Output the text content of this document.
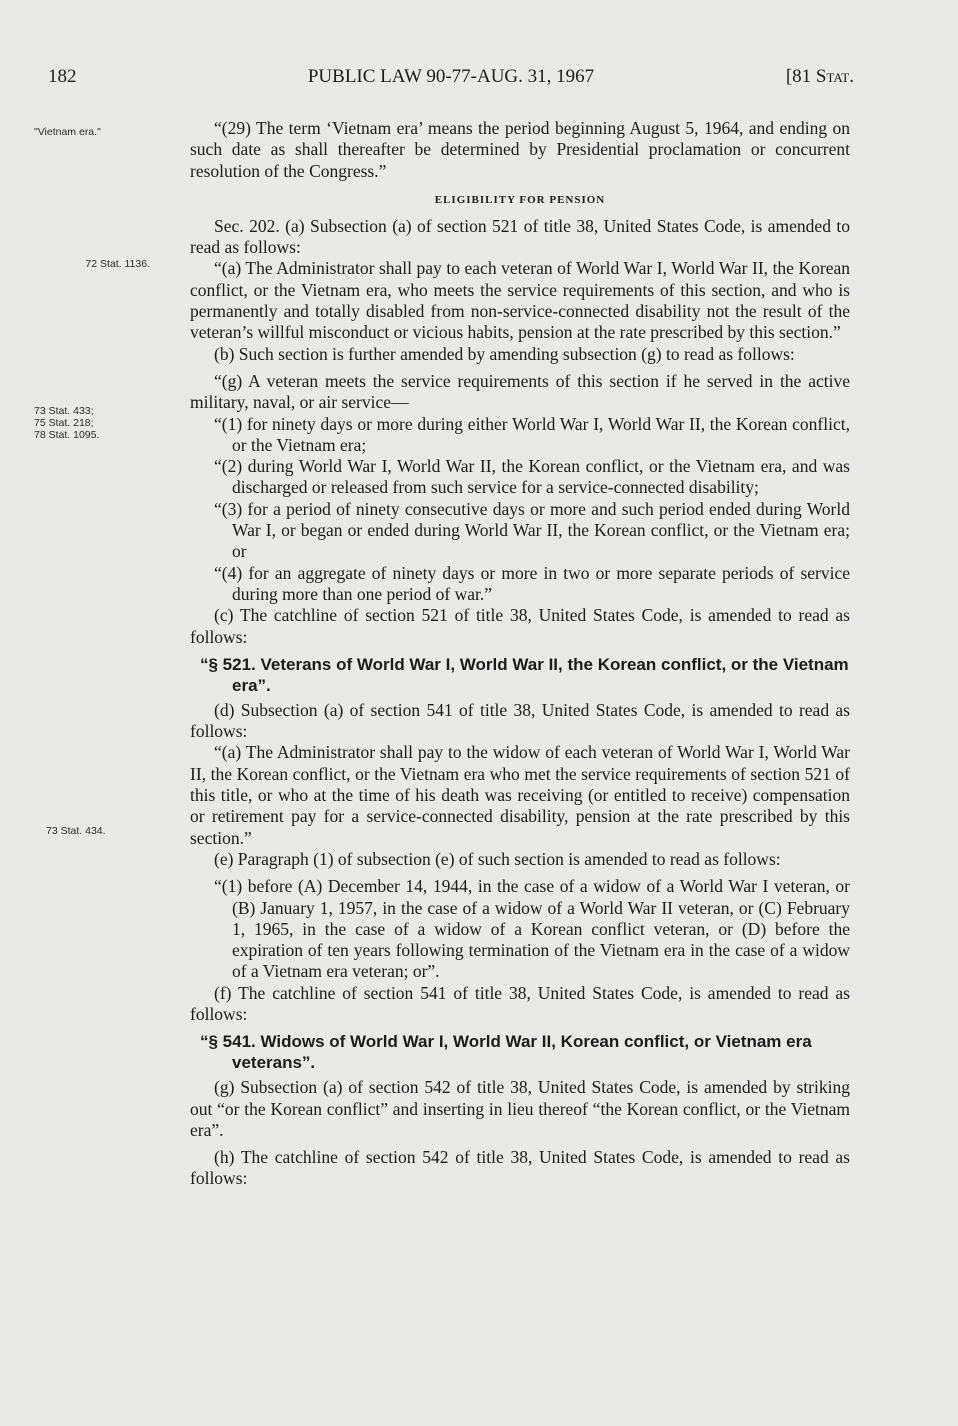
182	PUBLIC LAW 90-77-AUG. 31, 1967	[81 Stat.
"Vietnam era."
72 Stat. 1136.
73 Stat. 433;
75 Stat. 218;
78 Stat. 1095.
73 Stat. 434.

“(29) The term ‘Vietnam era’ means the period beginning August 5, 1964, and ending on such date as shall thereafter be determined by Presidential proclamation or concurrent resolution of the Congress.”

ELIGIBILITY FOR PENSION

Sec. 202. (a) Subsection (a) of section 521 of title 38, United States Code, is amended to read as follows:

“(a) The Administrator shall pay to each veteran of World War I, World War II, the Korean conflict, or the Vietnam era, who meets the service requirements of this section, and who is permanently and totally disabled from non-service-connected disability not the result of the veteran’s willful misconduct or vicious habits, pension at the rate prescribed by this section.”

(b) Such section is further amended by amending subsection (g) to read as follows:

“(g) A veteran meets the service requirements of this section if he served in the active military, naval, or air service—

“(1) for ninety days or more during either World War I, World War II, the Korean conflict, or the Vietnam era;

“(2) during World War I, World War II, the Korean conflict, or the Vietnam era, and was discharged or released from such service for a service-connected disability;

“(3) for a period of ninety consecutive days or more and such period ended during World War I, or began or ended during World War II, the Korean conflict, or the Vietnam era; or

“(4) for an aggregate of ninety days or more in two or more separate periods of service during more than one period of war.”

(c) The catchline of section 521 of title 38, United States Code, is amended to read as follows:

“§ 521. Veterans of World War I, World War II, the Korean conflict, or the Vietnam era”.

(d) Subsection (a) of section 541 of title 38, United States Code, is amended to read as follows:

“(a) The Administrator shall pay to the widow of each veteran of World War I, World War II, the Korean conflict, or the Vietnam era who met the service requirements of section 521 of this title, or who at the time of his death was receiving (or entitled to receive) compensation or retirement pay for a service-connected disability, pension at the rate prescribed by this section.”

(e) Paragraph (1) of subsection (e) of such section is amended to read as follows:

“(1) before (A) December 14, 1944, in the case of a widow of a World War I veteran, or (B) January 1, 1957, in the case of a widow of a World War II veteran, or (C) February 1, 1965, in the case of a widow of a Korean conflict veteran, or (D) before the expiration of ten years following termination of the Vietnam era in the case of a widow of a Vietnam era veteran; or”.

(f) The catchline of section 541 of title 38, United States Code, is amended to read as follows:

“§ 541. Widows of World War I, World War II, Korean conflict, or Vietnam era veterans”.

(g) Subsection (a) of section 542 of title 38, United States Code, is amended by striking out “or the Korean conflict” and inserting in lieu thereof “the Korean conflict, or the Vietnam era”.

(h) The catchline of section 542 of title 38, United States Code, is amended to read as follows:
